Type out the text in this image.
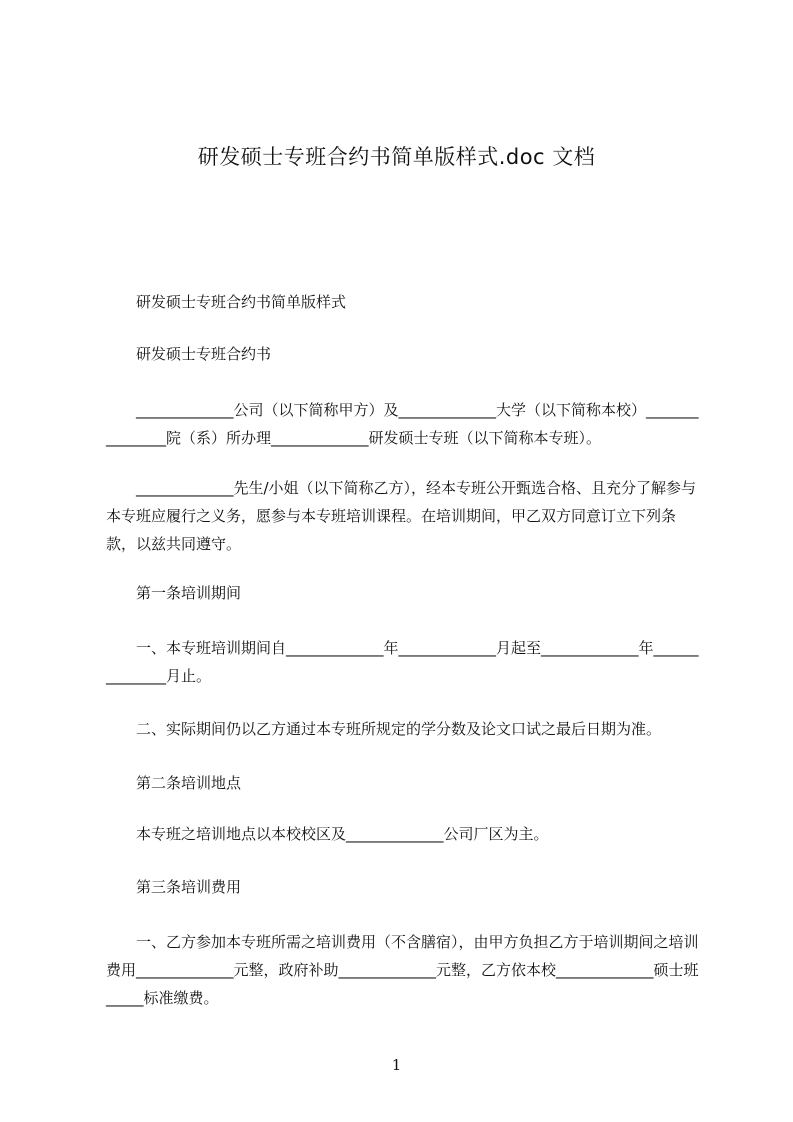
研发硕士专班合约书简单版样式.doc 文档

研发硕士专班合约书简单版样式

研发硕士专班合约书

_____________公司（以下简称甲方）及_____________大学（以下简称本校）_______________院（系）所办理_____________研发硕士专班（以下简称本专班）。

_____________先生/小姐（以下简称乙方），经本专班公开甄选合格、且充分了解参与本专班应履行之义务，愿参与本专班培训课程。在培训期间，甲乙双方同意订立下列条款，以兹共同遵守。

第一条培训期间

一、本专班培训期间自_____________年_____________月起至_____________年______________月止。

二、实际期间仍以乙方通过本专班所规定的学分数及论文口试之最后日期为准。

第二条培训地点

本专班之培训地点以本校校区及_____________公司厂区为主。

第三条培训费用

一、乙方参加本专班所需之培训费用（不含膳宿），由甲方负担乙方于培训期间之培训费用_____________元整，政府补助_____________元整，乙方依本校_____________硕士班_____标准缴费。

1
